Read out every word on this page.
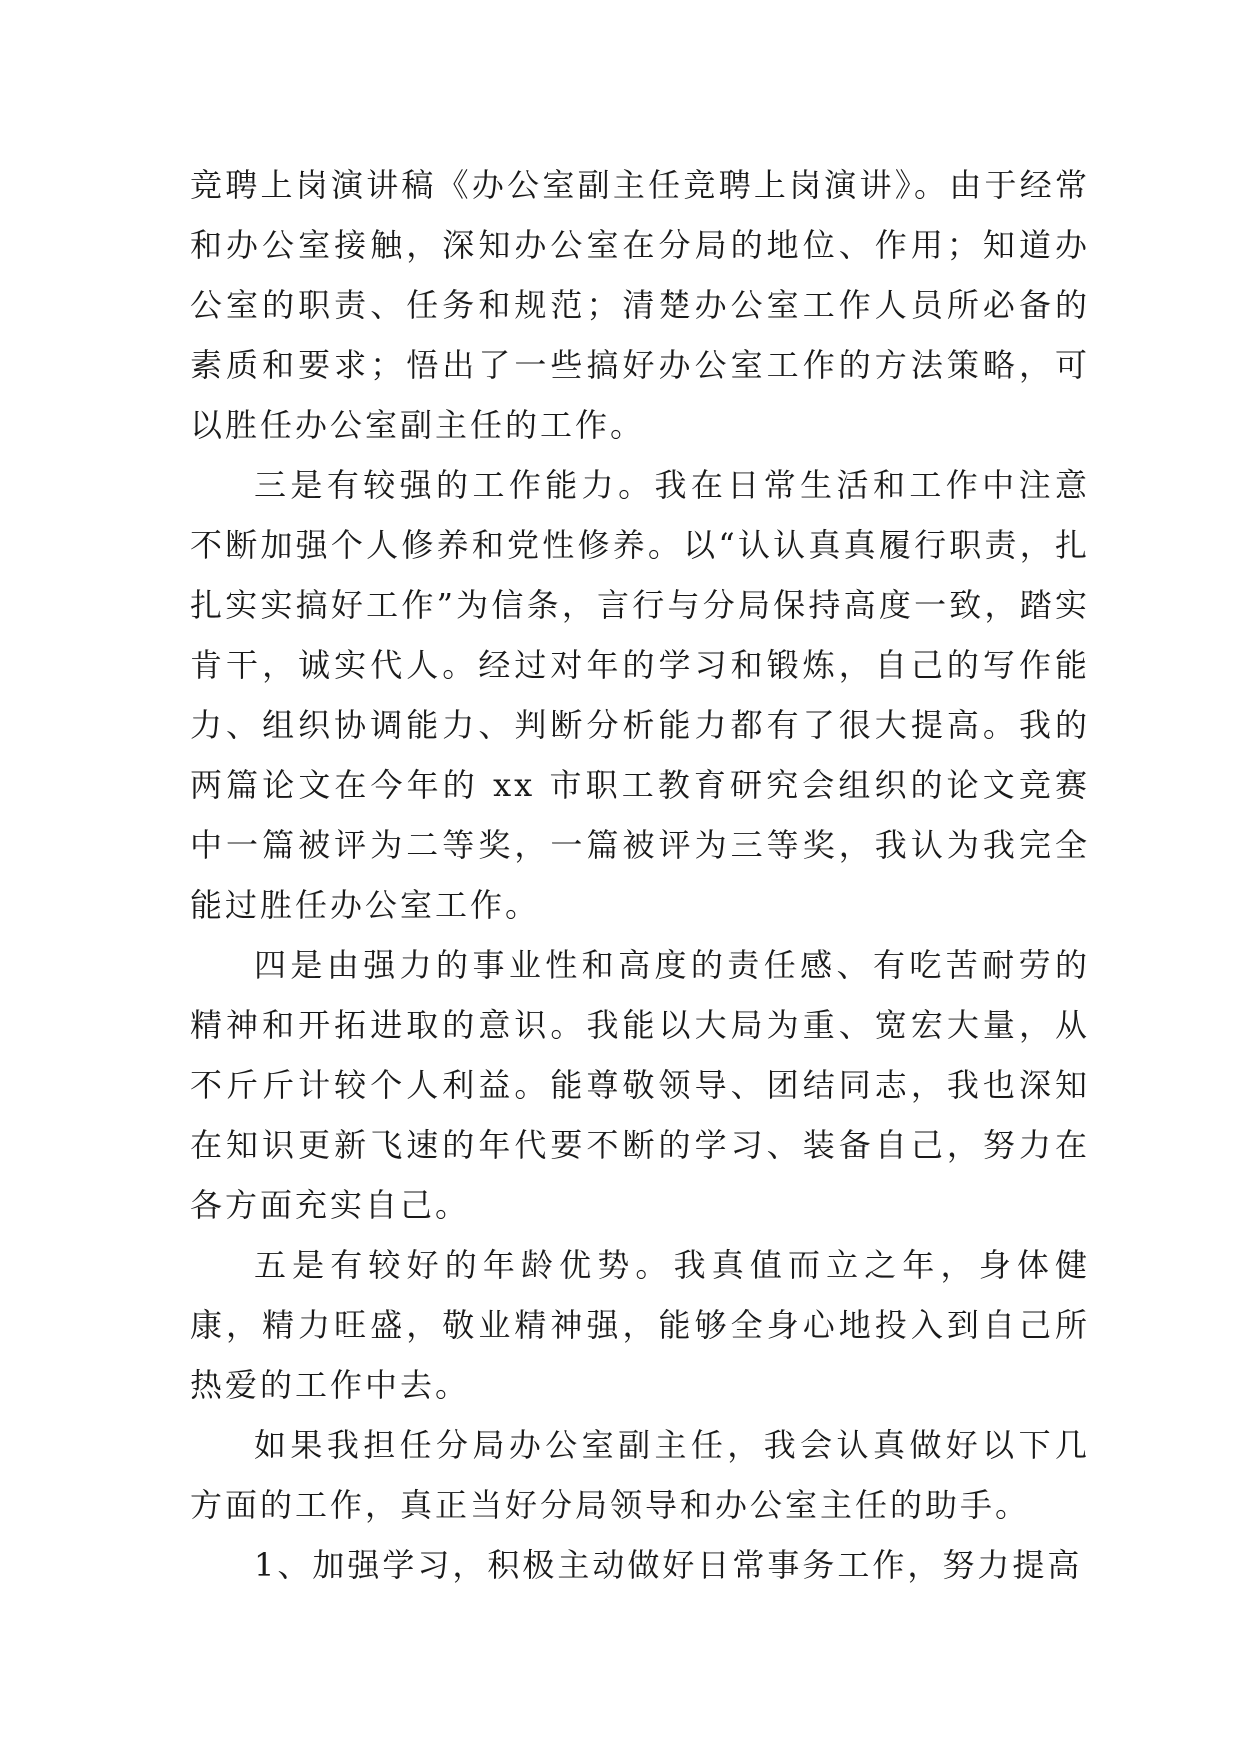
竞聘上岗演讲稿《办公室副主任竞聘上岗演讲》。由于经常和办公室接触，深知办公室在分局的地位、作用；知道办公室的职责、任务和规范；清楚办公室工作人员所必备的素质和要求；悟出了一些搞好办公室工作的方法策略，可以胜任办公室副主任的工作。

三是有较强的工作能力。我在日常生活和工作中注意不断加强个人修养和党性修养。以“认认真真履行职责，扎扎实实搞好工作”为信条，言行与分局保持高度一致，踏实肯干，诚实代人。经过对年的学习和锻炼，自己的写作能力、组织协调能力、判断分析能力都有了很大提高。我的两篇论文在今年的 xx 市职工教育研究会组织的论文竞赛中一篇被评为二等奖，一篇被评为三等奖，我认为我完全能过胜任办公室工作。

四是由强力的事业性和高度的责任感、有吃苦耐劳的精神和开拓进取的意识。我能以大局为重、宽宏大量，从不斤斤计较个人利益。能尊敬领导、团结同志，我也深知在知识更新飞速的年代要不断的学习、装备自己，努力在各方面充实自己。

五是有较好的年龄优势。我真值而立之年，身体健康，精力旺盛，敬业精神强，能够全身心地投入到自己所热爱的工作中去。

如果我担任分局办公室副主任，我会认真做好以下几方面的工作，真正当好分局领导和办公室主任的助手。

1、加强学习，积极主动做好日常事务工作，努力提高
